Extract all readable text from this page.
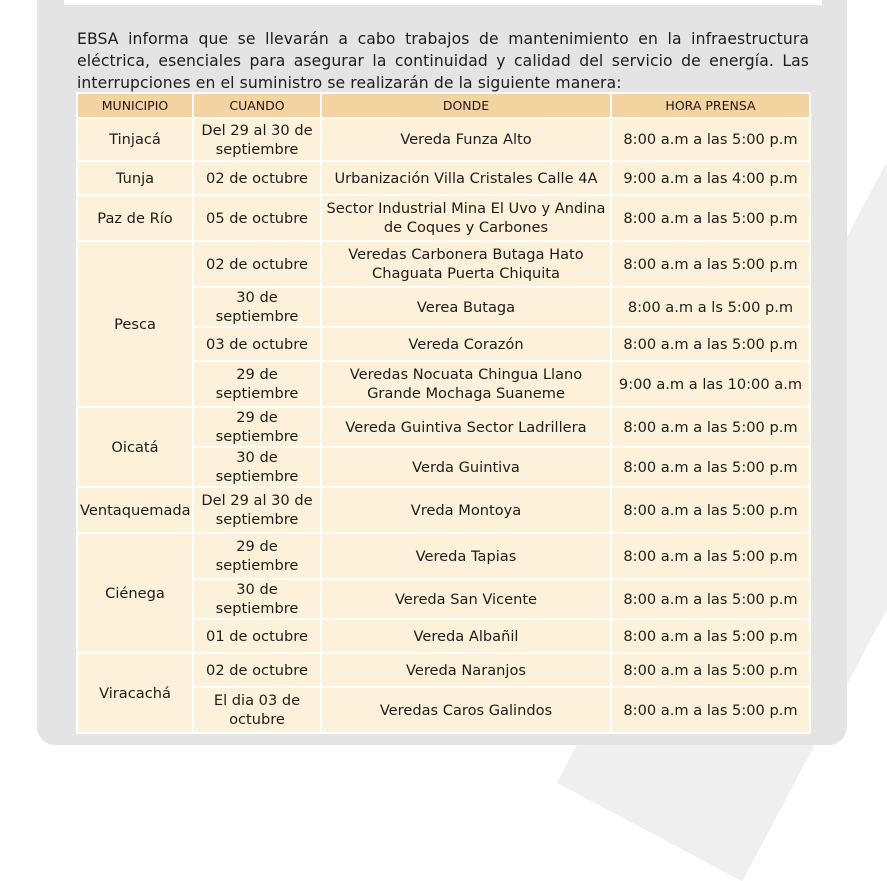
EBSA informa que se llevarán a cabo trabajos de mantenimiento en la infraestructura eléctrica, esenciales para asegurar la continuidad y calidad del servicio de energía. Las interrupciones en el suministro se realizarán de la siguiente manera:

MUNICIPIO	CUANDO	DONDE	HORA PRENSA
Tinjacá	Del 29 al 30 de septiembre	Vereda Funza Alto	8:00 a.m a las 5:00 p.m
Tunja	02 de octubre	Urbanización Villa Cristales Calle 4A	9:00 a.m a las 4:00 p.m
Paz de Río	05 de octubre	Sector Industrial Mina El Uvo y Andina de Coques y Carbones	8:00 a.m a las 5:00 p.m
Pesca	02 de octubre	Veredas Carbonera Butaga Hato Chaguata Puerta Chiquita	8:00 a.m a las 5:00 p.m
	30 de septiembre	Verea Butaga	8:00 a.m a ls 5:00 p.m
	03 de octubre	Vereda Corazón	8:00 a.m a las 5:00 p.m
	29 de septiembre	Veredas Nocuata Chingua Llano Grande Mochaga Suaneme	9:00 a.m a las 10:00 a.m
Oicatá	29 de septiembre	Vereda Guintiva Sector Ladrillera	8:00 a.m a las 5:00 p.m
	30 de septiembre	Verda Guintiva	8:00 a.m a las 5:00 p.m
Ventaquemada	Del 29 al 30 de septiembre	Vreda Montoya	8:00 a.m a las 5:00 p.m
Ciénega	29 de septiembre	Vereda Tapias	8:00 a.m a las 5:00 p.m
	30 de septiembre	Vereda San Vicente	8:00 a.m a las 5:00 p.m
	01 de octubre	Vereda Albañil	8:00 a.m a las 5:00 p.m
Viracachá	02 de octubre	Vereda Naranjos	8:00 a.m a las 5:00 p.m
	El dia 03 de octubre	Veredas Caros Galindos	8:00 a.m a las 5:00 p.m
